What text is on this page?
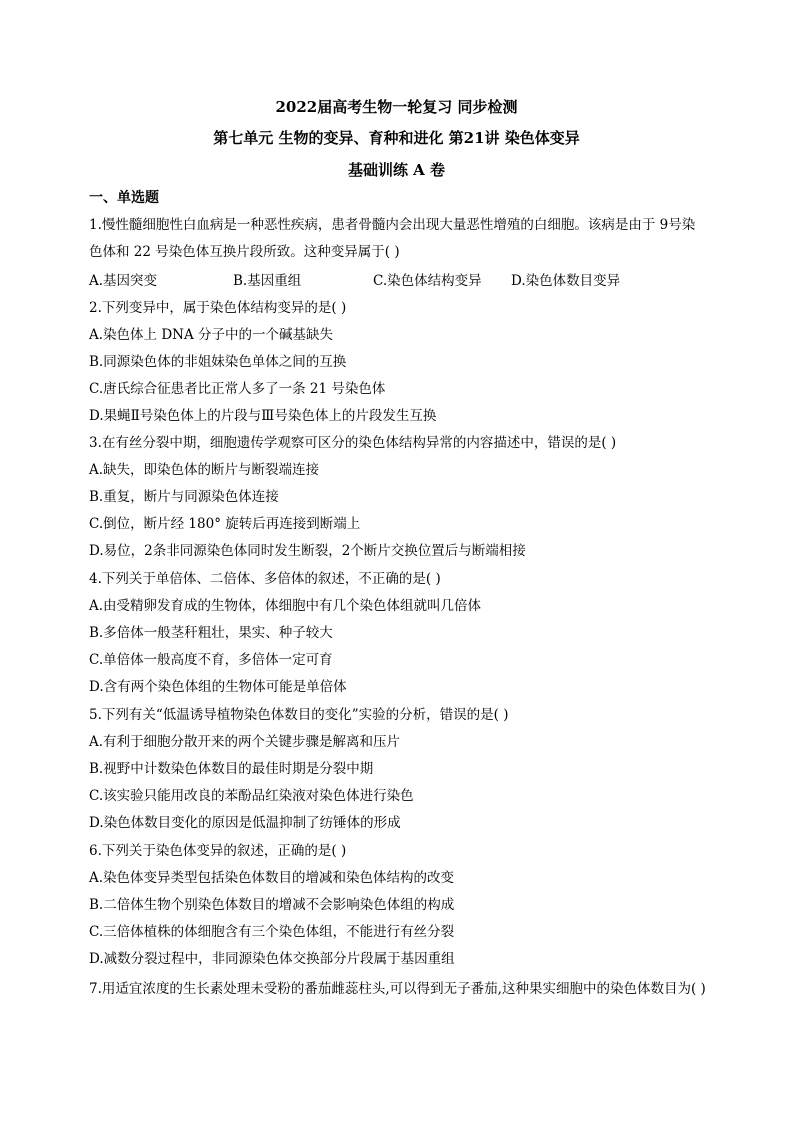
2022届高考生物一轮复习 同步检测
第七单元 生物的变异、育种和进化 第21讲 染色体变异
基础训练 A 卷
一、单选题
1.慢性髓细胞性白血病是一种恶性疾病，患者骨髓内会出现大量恶性增殖的白细胞。该病是由于 9号染色体和 22 号染色体互换片段所致。这种变异属于( )
A.基因突变	B.基因重组	C.染色体结构变异 D.染色体数目变异
2.下列变异中，属于染色体结构变异的是( )
A.染色体上 DNA 分子中的一个碱基缺失
B.同源染色体的非姐妹染色单体之间的互换
C.唐氏综合征患者比正常人多了一条 21 号染色体
D.果蝇Ⅱ号染色体上的片段与Ⅲ号染色体上的片段发生互换
3.在有丝分裂中期，细胞遗传学观察可区分的染色体结构异常的内容描述中，错误的是( )
A.缺失，即染色体的断片与断裂端连接
B.重复，断片与同源染色体连接
C.倒位，断片经 180° 旋转后再连接到断端上
D.易位，2条非同源染色体同时发生断裂，2个断片交换位置后与断端相接
4.下列关于单倍体、二倍体、多倍体的叙述，不正确的是( )
A.由受精卵发育成的生物体，体细胞中有几个染色体组就叫几倍体
B.多倍体一般茎秆粗壮，果实、种子较大
C.单倍体一般高度不育，多倍体一定可育
D.含有两个染色体组的生物体可能是单倍体
5.下列有关“低温诱导植物染色体数目的变化”实验的分析，错误的是( )
A.有利于细胞分散开来的两个关键步骤是解离和压片
B.视野中计数染色体数目的最佳时期是分裂中期
C.该实验只能用改良的苯酚品红染液对染色体进行染色
D.染色体数目变化的原因是低温抑制了纺锤体的形成
6.下列关于染色体变异的叙述，正确的是( )
A.染色体变异类型包括染色体数目的增减和染色体结构的改变
B.二倍体生物个别染色体数目的增减不会影响染色体组的构成
C.三倍体植株的体细胞含有三个染色体组，不能进行有丝分裂
D.减数分裂过程中，非同源染色体交换部分片段属于基因重组
7.用适宜浓度的生长素处理未受粉的番茄雌蕊柱头,可以得到无子番茄,这种果实细胞中的染色体数目为( )
